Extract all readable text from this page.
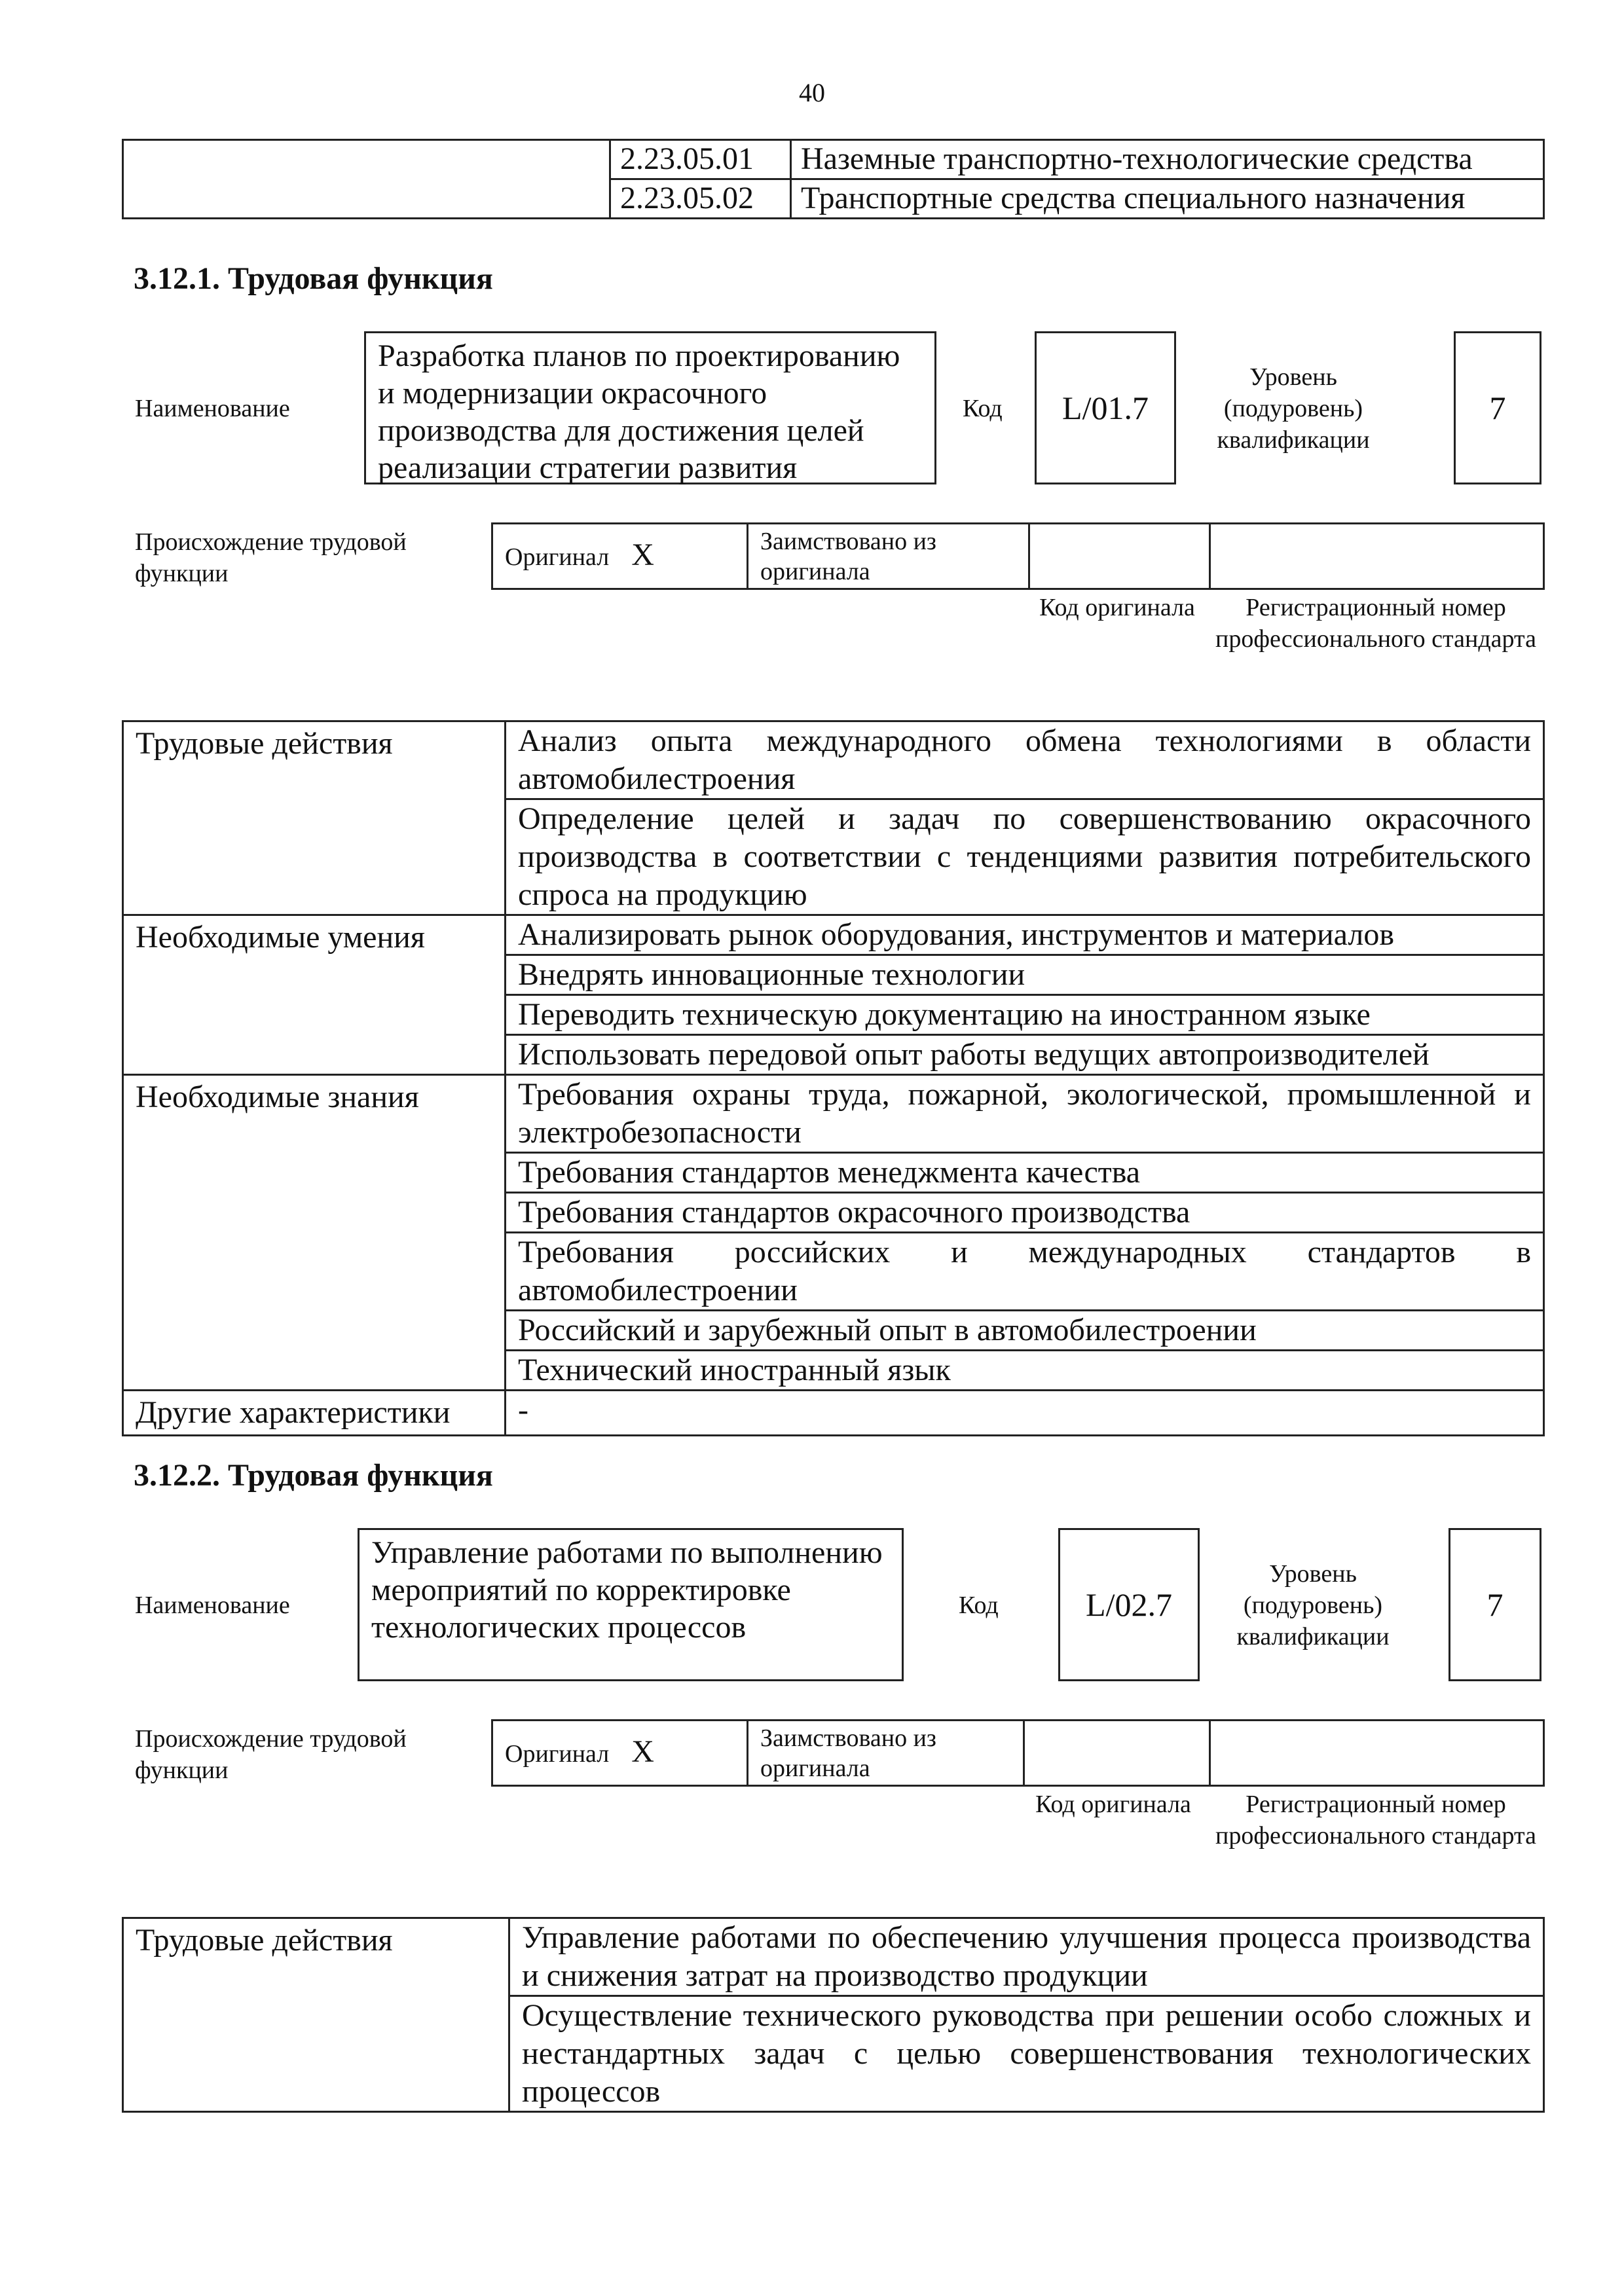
40
	2.23.05.01	Наземные транспортно-технологические средства
	2.23.05.02	Транспортные средства специального назначения
3.12.1. Трудовая функция
Наименование
Разработка планов по проектированию и модернизации окрасочного производства для достижения целей реализации стратегии развития
Код	L/01.7
Уровень (подуровень) квалификации
7
Происхождение трудовой функции
Оригинал X	Заимствовано из оригинала		
Код оригинала	Регистрационный номер профессионального стандарта
Трудовые действия	Анализ опыта международного обмена технологиями в области автомобилестроения
	Определение целей и задач по совершенствованию окрасочного производства в соответствии с тенденциями развития потребительского спроса на продукцию
Необходимые умения	Анализировать рынок оборудования, инструментов и материалов
	Внедрять инновационные технологии
	Переводить техническую документацию на иностранном языке
	Использовать передовой опыт работы ведущих автопроизводителей
Необходимые знания	Требования охраны труда, пожарной, экологической, промышленной и электробезопасности
	Требования стандартов менеджмента качества
	Требования стандартов окрасочного производства
	Требования российских и международных стандартов в автомобилестроении
	Российский и зарубежный опыт в автомобилестроении
	Технический иностранный язык
Другие характеристики	-
3.12.2. Трудовая функция
Наименование
Управление работами по выполнению мероприятий по корректировке технологических процессов
Код	L/02.7
Уровень (подуровень) квалификации
7
Происхождение трудовой функции
Оригинал X	Заимствовано из оригинала		
Код оригинала	Регистрационный номер профессионального стандарта
Трудовые действия	Управление работами по обеспечению улучшения процесса производства и снижения затрат на производство продукции
Осуществление технического руководства при решении особо сложных и нестандартных задач с целью совершенствования технологических процессов
